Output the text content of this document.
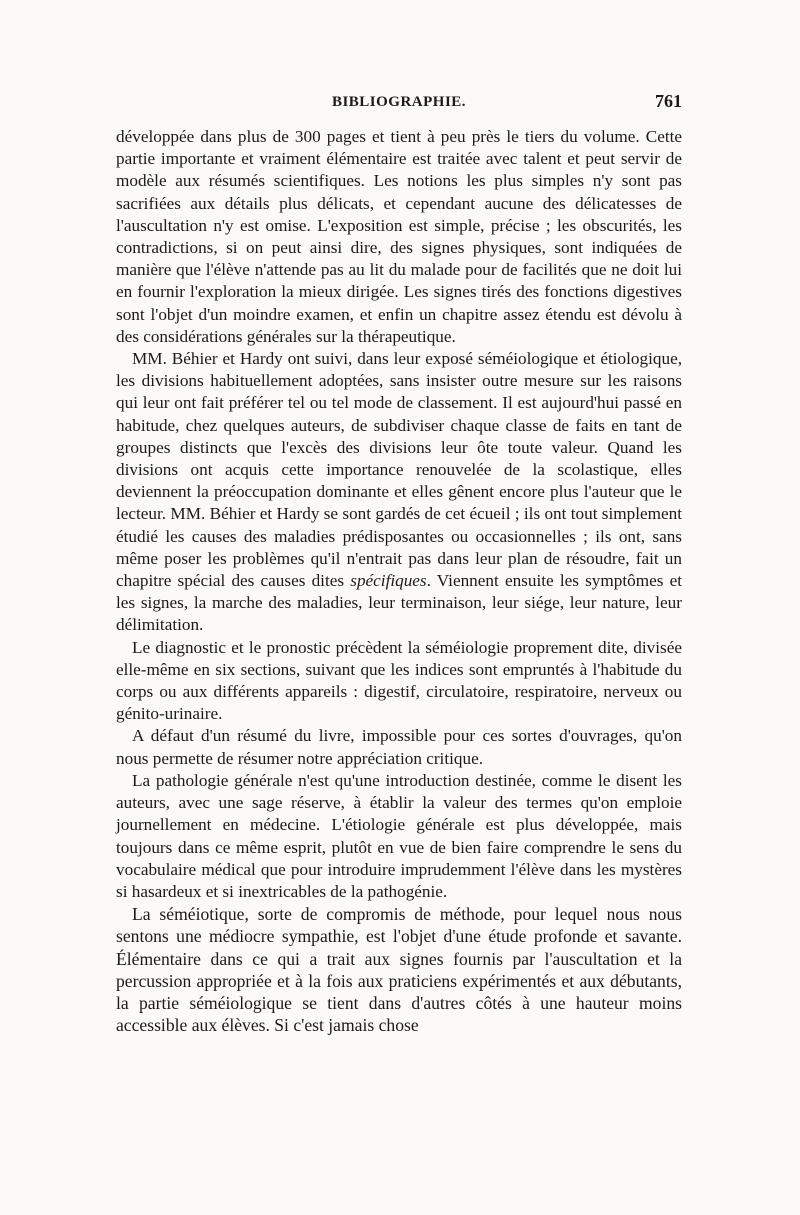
BIBLIOGRAPHIE.	761

développée dans plus de 300 pages et tient à peu près le tiers du volume. Cette partie importante et vraiment élémentaire est traitée avec talent et peut servir de modèle aux résumés scientifiques. Les notions les plus simples n'y sont pas sacrifiées aux détails plus délicats, et cependant aucune des délicatesses de l'auscultation n'y est omise. L'exposition est simple, précise ; les obscurités, les contradictions, si on peut ainsi dire, des signes physiques, sont indiquées de manière que l'élève n'attende pas au lit du malade pour de facilités que ne doit lui en fournir l'exploration la mieux dirigée. Les signes tirés des fonctions digestives sont l'objet d'un moindre examen, et enfin un chapitre assez étendu est dévolu à des considérations générales sur la thérapeutique.

MM. Béhier et Hardy ont suivi, dans leur exposé séméiologique et étiologique, les divisions habituellement adoptées, sans insister outre mesure sur les raisons qui leur ont fait préférer tel ou tel mode de classement. Il est aujourd'hui passé en habitude, chez quelques auteurs, de subdiviser chaque classe de faits en tant de groupes distincts que l'excès des divisions leur ôte toute valeur. Quand les divisions ont acquis cette importance renouvelée de la scolastique, elles deviennent la préoccupation dominante et elles gênent encore plus l'auteur que le lecteur. MM. Béhier et Hardy se sont gardés de cet écueil ; ils ont tout simplement étudié les causes des maladies prédisposantes ou occasionnelles ; ils ont, sans même poser les problèmes qu'il n'entrait pas dans leur plan de résoudre, fait un chapitre spécial des causes dites spécifiques. Viennent ensuite les symptômes et les signes, la marche des maladies, leur terminaison, leur siége, leur nature, leur délimitation.

Le diagnostic et le pronostic précèdent la séméiologie proprement dite, divisée elle-même en six sections, suivant que les indices sont empruntés à l'habitude du corps ou aux différents appareils : digestif, circulatoire, respiratoire, nerveux ou génito-urinaire.

A défaut d'un résumé du livre, impossible pour ces sortes d'ouvrages, qu'on nous permette de résumer notre appréciation critique.

La pathologie générale n'est qu'une introduction destinée, comme le disent les auteurs, avec une sage réserve, à établir la valeur des termes qu'on emploie journellement en médecine. L'étiologie générale est plus développée, mais toujours dans ce même esprit, plutôt en vue de bien faire comprendre le sens du vocabulaire médical que pour introduire imprudemment l'élève dans les mystères si hasardeux et si inextricables de la pathogénie.

La séméiotique, sorte de compromis de méthode, pour lequel nous nous sentons une médiocre sympathie, est l'objet d'une étude profonde et savante. Élémentaire dans ce qui a trait aux signes fournis par l'auscultation et la percussion appropriée et à la fois aux praticiens expérimentés et aux débutants, la partie séméiologique se tient dans d'autres côtés à une hauteur moins accessible aux élèves. Si c'est jamais chose
